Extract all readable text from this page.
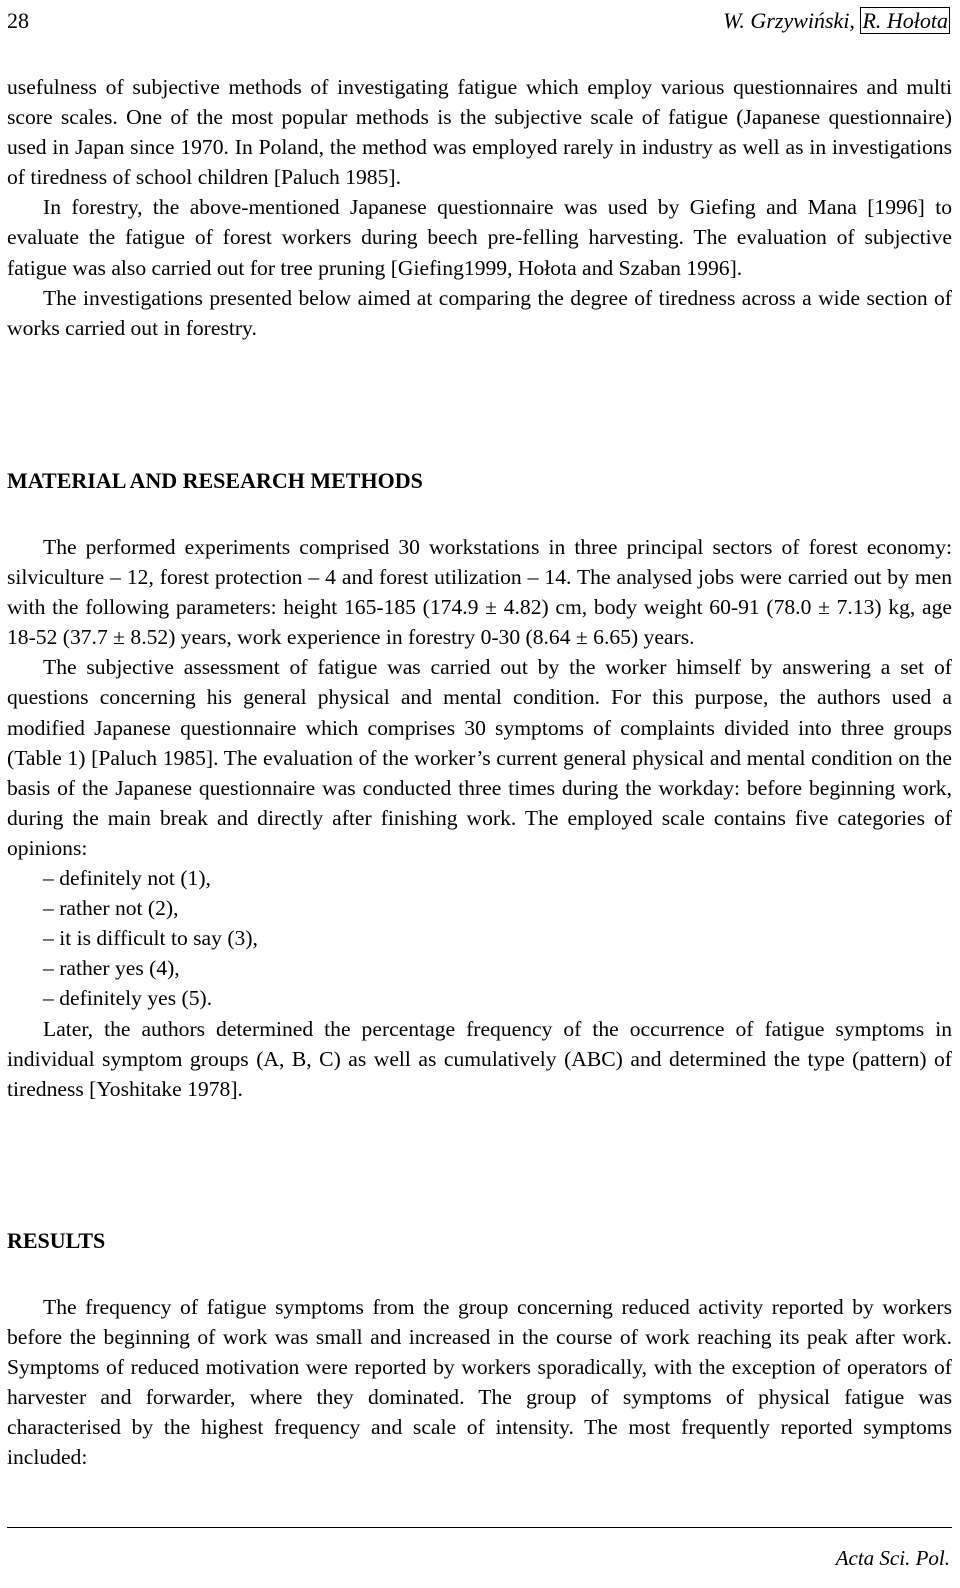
28	W. Grzywiński, R. Hołota

usefulness of subjective methods of investigating fatigue which employ various questionnaires and multi score scales. One of the most popular methods is the subjective scale of fatigue (Japanese questionnaire) used in Japan since 1970. In Poland, the method was employed rarely in industry as well as in investigations of tiredness of school children [Paluch 1985].

In forestry, the above-mentioned Japanese questionnaire was used by Giefing and Mana [1996] to evaluate the fatigue of forest workers during beech pre-felling harvesting. The evaluation of subjective fatigue was also carried out for tree pruning [Giefing1999, Hołota and Szaban 1996].

The investigations presented below aimed at comparing the degree of tiredness across a wide section of works carried out in forestry.

MATERIAL AND RESEARCH METHODS

The performed experiments comprised 30 workstations in three principal sectors of forest economy: silviculture – 12, forest protection – 4 and forest utilization – 14. The analysed jobs were carried out by men with the following parameters: height 165-185 (174.9 ± 4.82) cm, body weight 60-91 (78.0 ± 7.13) kg, age 18-52 (37.7 ± 8.52) years, work experience in forestry 0-30 (8.64 ± 6.65) years.

The subjective assessment of fatigue was carried out by the worker himself by answering a set of questions concerning his general physical and mental condition. For this purpose, the authors used a modified Japanese questionnaire which comprises 30 symptoms of complaints divided into three groups (Table 1) [Paluch 1985]. The evaluation of the worker’s current general physical and mental condition on the basis of the Japanese questionnaire was conducted three times during the workday: before beginning work, during the main break and directly after finishing work. The employed scale contains five categories of opinions:

– definitely not (1),
– rather not (2),
– it is difficult to say (3),
– rather yes (4),
– definitely yes (5).

Later, the authors determined the percentage frequency of the occurrence of fatigue symptoms in individual symptom groups (A, B, C) as well as cumulatively (ABC) and determined the type (pattern) of tiredness [Yoshitake 1978].

RESULTS

The frequency of fatigue symptoms from the group concerning reduced activity reported by workers before the beginning of work was small and increased in the course of work reaching its peak after work. Symptoms of reduced motivation were reported by workers sporadically, with the exception of operators of harvester and forwarder, where they dominated. The group of symptoms of physical fatigue was characterised by the highest frequency and scale of intensity. The most frequently reported symptoms included:

Acta Sci. Pol.
